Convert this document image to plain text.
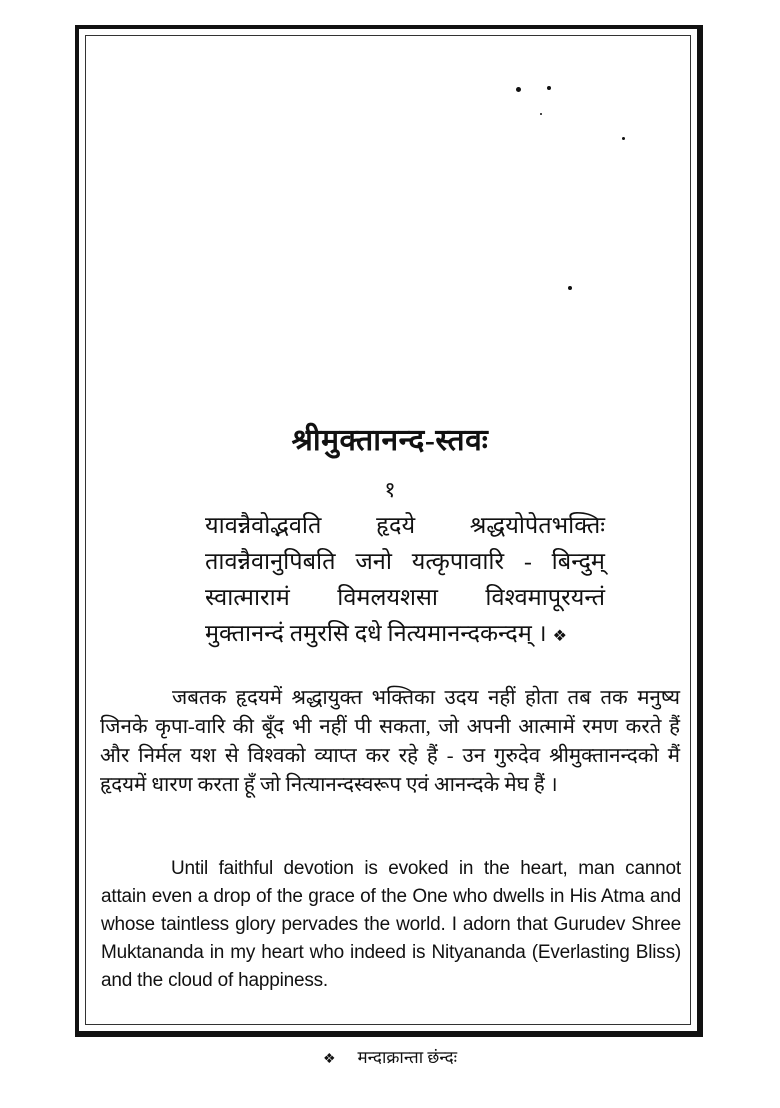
श्रीमुक्तानन्द-स्तवः
१
यावन्नैवोद्भवति हृदये श्रद्धयोपेतभक्तिः
तावन्नैवानुपिबति जनो यत्कृपावारि - बिन्दुम्
स्वात्मारामं विमलयशसा विश्वमापूरयन्तं
मुक्तानन्दं तमुरसि दधे नित्यमानन्दकन्दम् । ❖
जबतक हृदयमें श्रद्धायुक्त भक्तिका उदय नहीं होता तब तक मनुष्य जिनके कृपा-वारि की बूँद भी नहीं पी सकता, जो अपनी आत्मामें रमण करते हैं और निर्मल यश से विश्वको व्याप्त कर रहे हैं - उन गुरुदेव श्रीमुक्तानन्दको मैं हृदयमें धारण करता हूँ जो नित्यानन्दस्वरूप एवं आनन्दके मेघ हैं ।
Until faithful devotion is evoked in the heart, man cannot attain even a drop of the grace of the One who dwells in His Atma and whose taintless glory pervades the world. I adorn that Gurudev Shree Muktananda in my heart who indeed is Nityananda (Everlasting Bliss) and the cloud of happiness.
❖ मन्दाक्रान्ता छंन्दः
